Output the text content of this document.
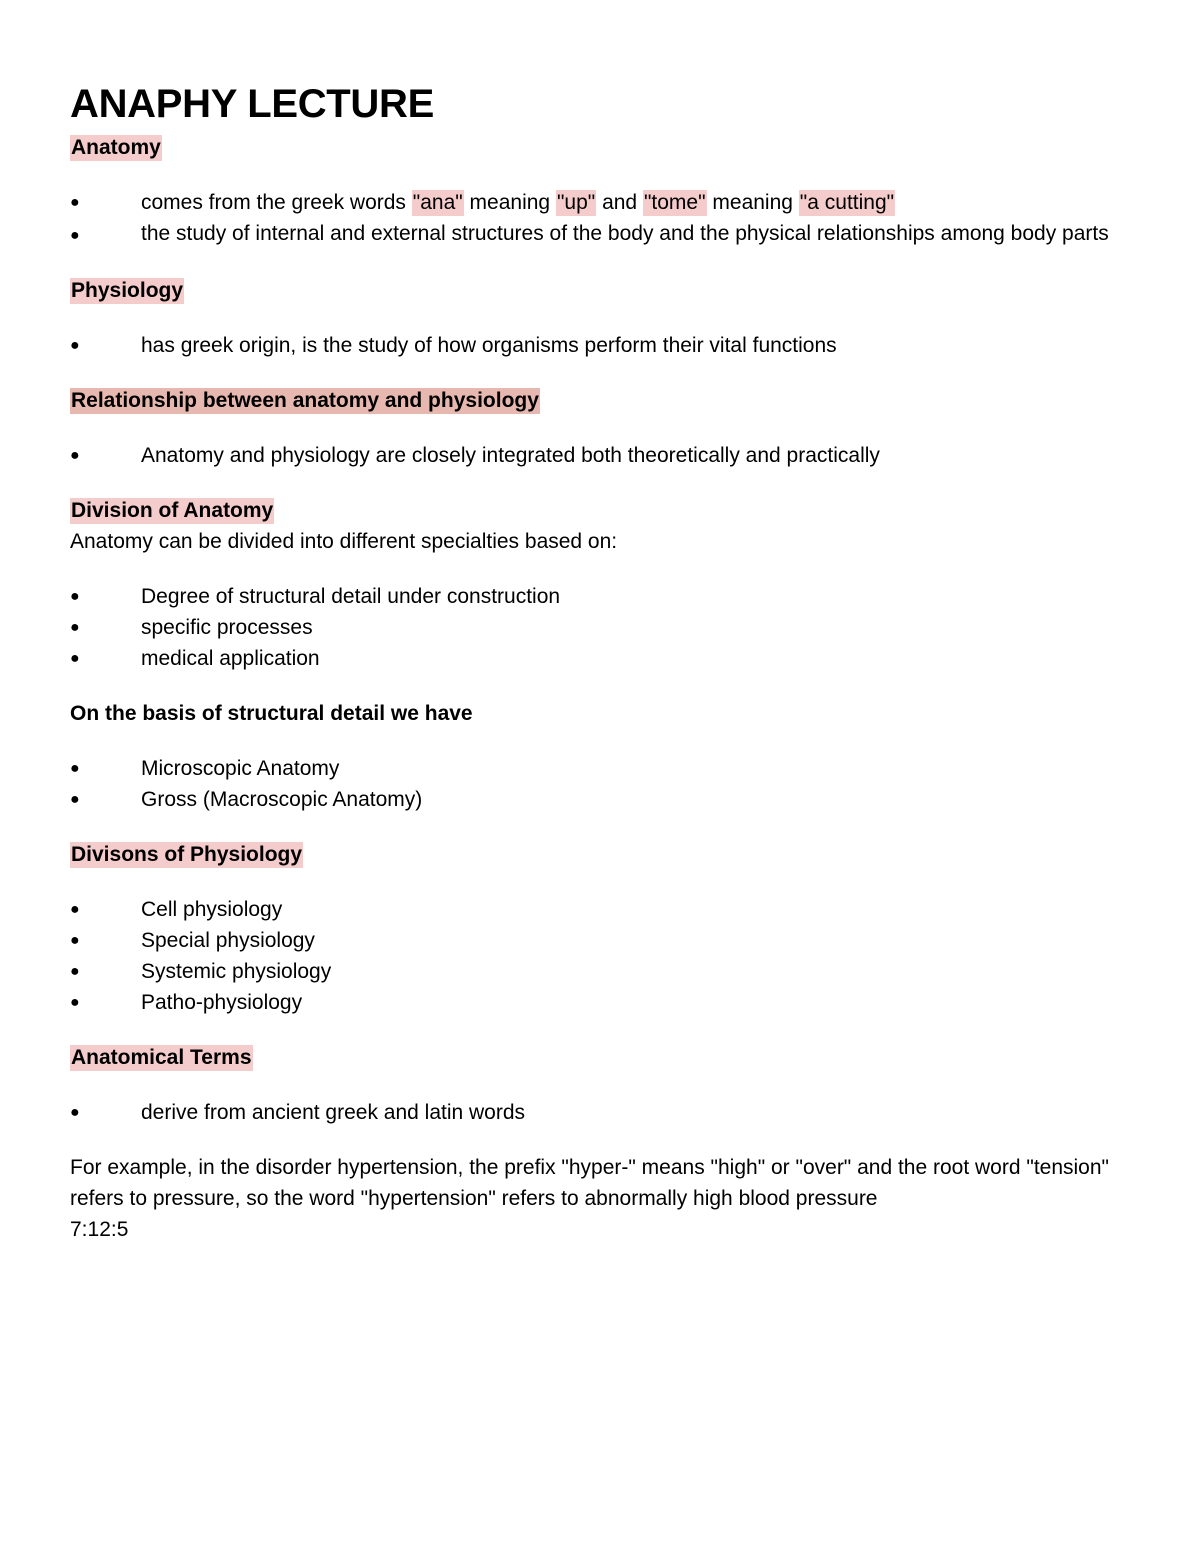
ANAPHY LECTURE
Anatomy
●	comes from the greek words "ana" meaning "up" and "tome" meaning "a cutting"
●	the study of internal and external structures of the body and the physical relationships among body parts
Physiology
●	has greek origin, is the study of how organisms perform their vital functions
Relationship between anatomy and physiology
●	Anatomy and physiology are closely integrated both theoretically and practically
Division of Anatomy

Anatomy can be divided into different specialties based on:

●	Degree of structural detail under construction
●	specific processes
●	medical application
On the basis of structural detail we have
●	Microscopic Anatomy
●	Gross (Macroscopic Anatomy)
Divisons of Physiology
●	Cell physiology
●	Special physiology
●	Systemic physiology
●	Patho-physiology
Anatomical Terms
●	derive from ancient greek and latin words

For example, in the disorder hypertension, the prefix "hyper-" means "high" or "over" and the root word "tension" refers to pressure, so the word "hypertension" refers to abnormally high blood pressure

7:12:5
